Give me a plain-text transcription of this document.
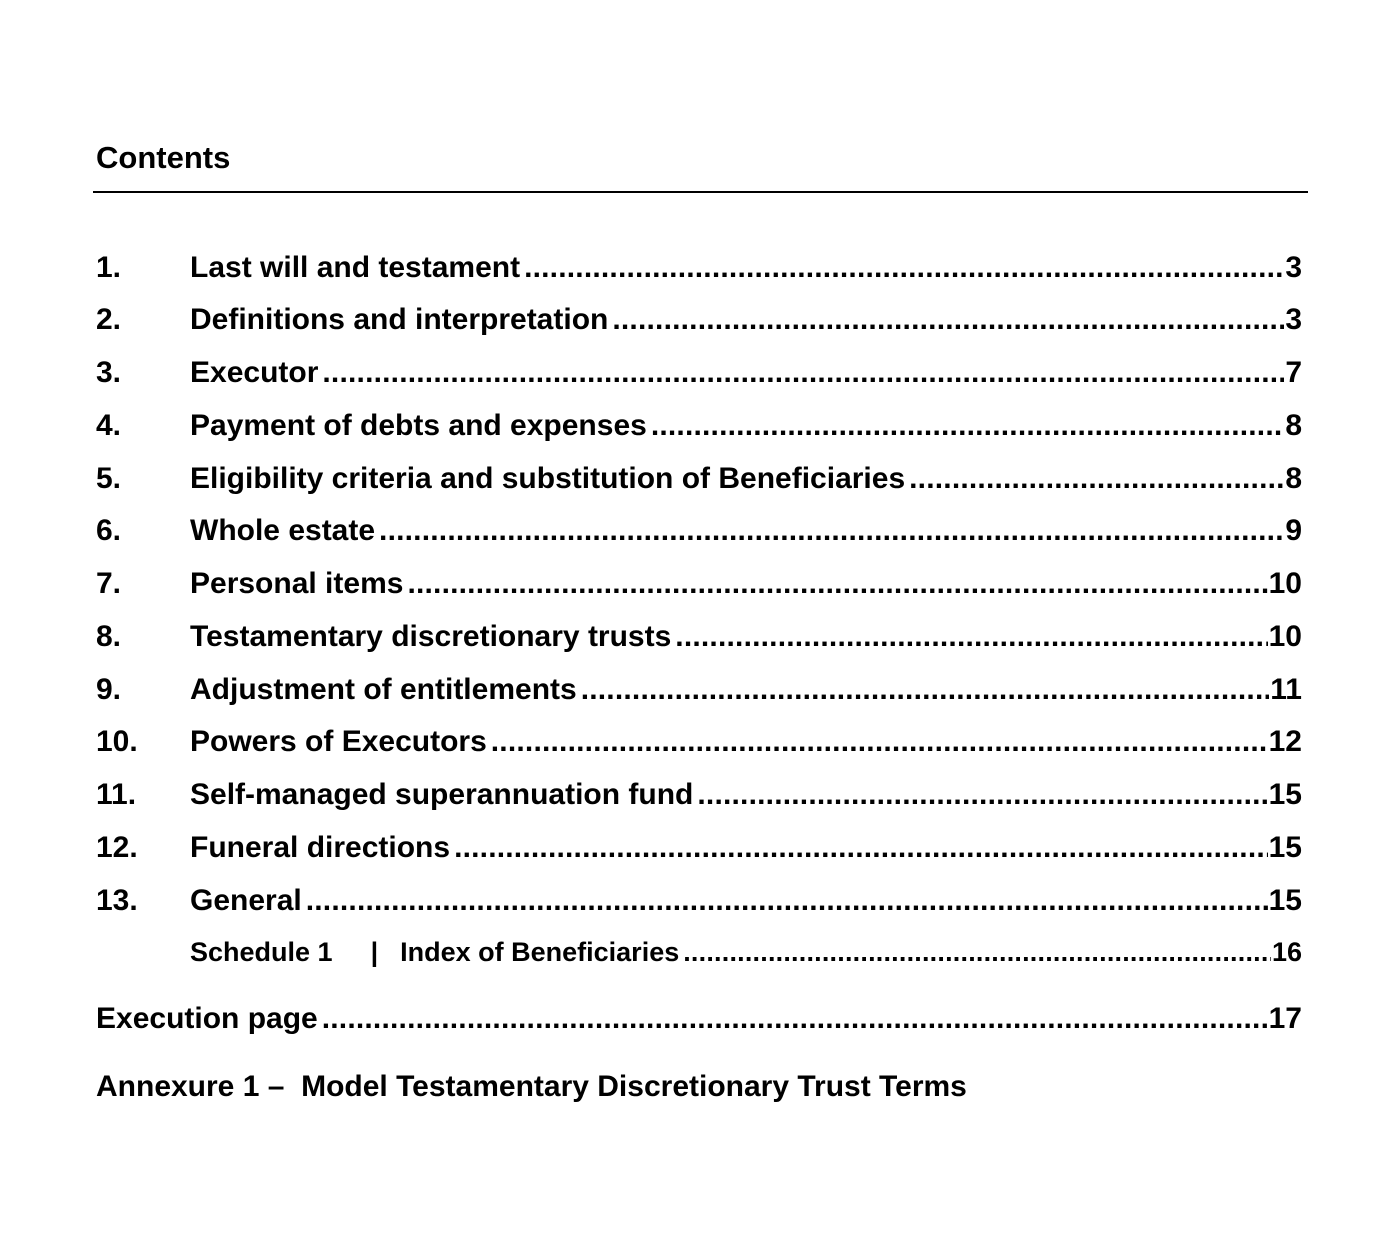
Contents
1.	Last will and testament .....	3
2.	Definitions and interpretation .....	3
3.	Executor .....	7
4.	Payment of debts and expenses .....	8
5.	Eligibility criteria and substitution of Beneficiaries .....	8
6.	Whole estate .....	9
7.	Personal items .....	10
8.	Testamentary discretionary trusts .....	10
9.	Adjustment of entitlements .....	11
10.	Powers of Executors .....	12
11.	Self-managed superannuation fund .....	15
12.	Funeral directions .....	15
13.	General .....	15
Schedule 1	| Index of Beneficiaries .....	16
Execution page .....	17
Annexure 1 –  Model Testamentary Discretionary Trust Terms
